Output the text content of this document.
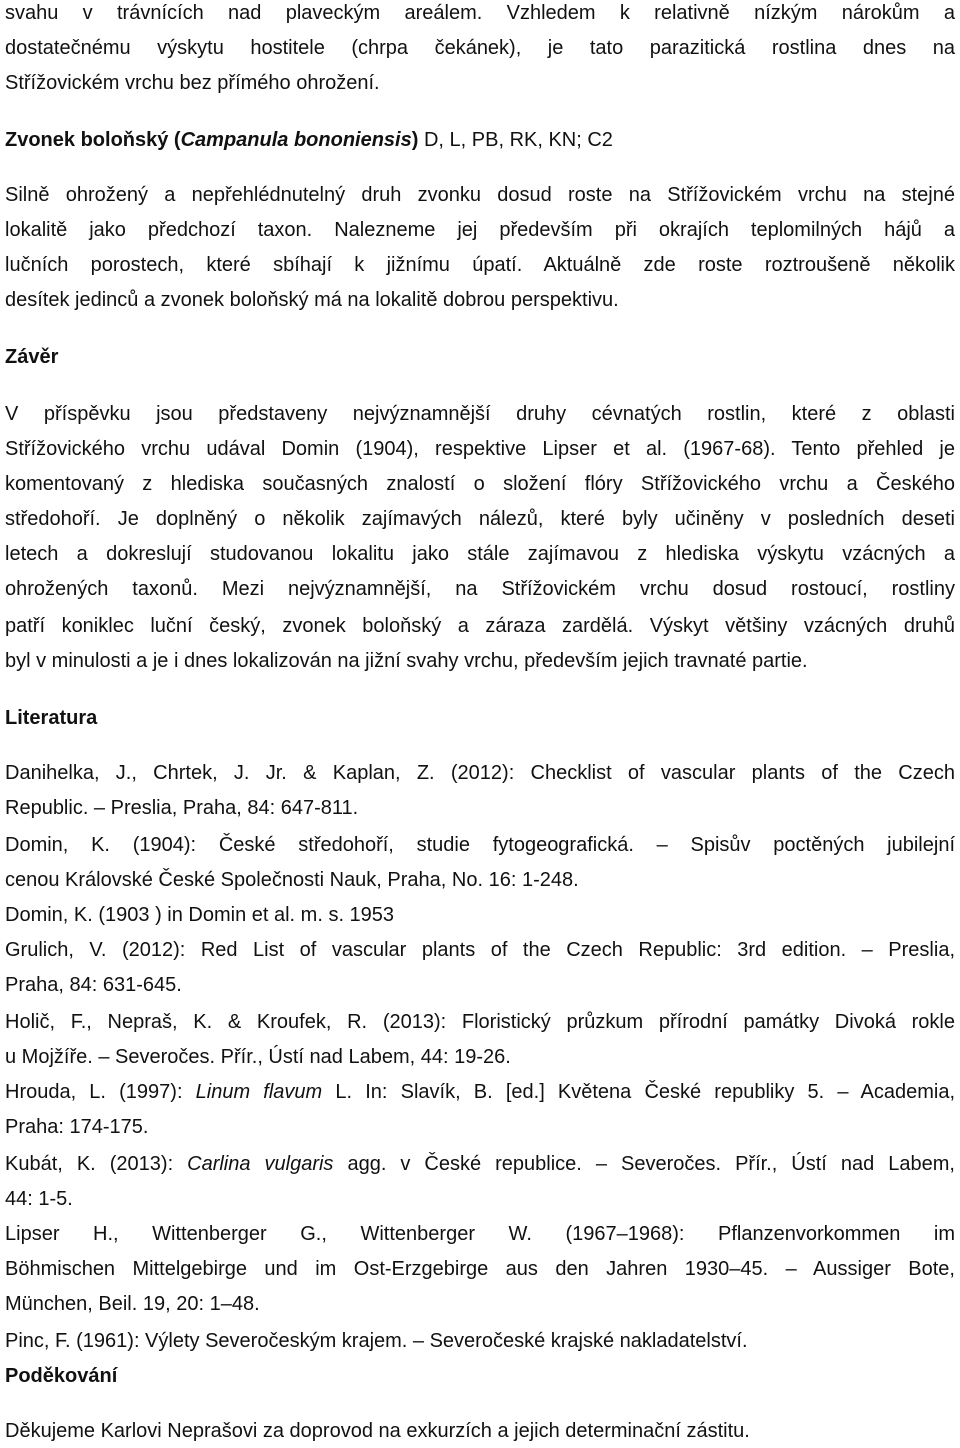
svahu v trávnících nad plaveckým areálem. Vzhledem k relativně nízkým nárokům a
dostatečnému výskytu hostitele (chrpa čekánek), je tato parazitická rostlina dnes na
Střížovickém vrchu bez přímého ohrožení.
Zvonek boloňský (Campanula bononiensis) D, L, PB, RK, KN; C2
Silně ohrožený a nepřehlédnutelný druh zvonku dosud roste na Střížovickém vrchu na stejné
lokalitě jako předchozí taxon. Nalezneme jej především při okrajích teplomilných hájů a
lučních porostech, které sbíhají k jižnímu úpatí. Aktuálně zde roste roztroušeně několik
desítek jedinců a zvonek boloňský má na lokalitě dobrou perspektivu.
Závěr
V příspěvku jsou představeny nejvýznamnější druhy cévnatých rostlin, které z oblasti
Střížovického vrchu udával Domin (1904), respektive Lipser et al. (1967-68). Tento přehled je
komentovaný z hlediska současných znalostí o složení flóry Střížovického vrchu a Českého
středohoří. Je doplněný o několik zajímavých nálezů, které byly učiněny v posledních deseti
letech a dokreslují studovanou lokalitu jako stále zajímavou z hlediska výskytu vzácných a
ohrožených taxonů. Mezi nejvýznamnější, na Střížovickém vrchu dosud rostoucí, rostliny
patří koniklec luční český, zvonek boloňský a záraza zardělá. Výskyt většiny vzácných druhů
byl v minulosti a je i dnes lokalizován na jižní svahy vrchu, především jejich travnaté partie.
Literatura
Danihelka, J., Chrtek, J. Jr. & Kaplan, Z. (2012): Checklist of vascular plants of the Czech
Republic. – Preslia, Praha, 84: 647-811.
Domin, K. (1904): České středohoří, studie fytogeografická. – Spisův poctěných jubilejní
cenou Královské České Společnosti Nauk, Praha, No. 16: 1-248.
Domin, K. (1903 ) in Domin et al. m. s. 1953
Grulich, V. (2012): Red List of vascular plants of the Czech Republic: 3rd edition. – Preslia,
Praha, 84: 631-645.
Holič, F., Nepraš, K. & Kroufek, R. (2013): Floristický průzkum přírodní památky Divoká rokle
u Mojžíře. – Severočes. Přír., Ústí nad Labem, 44: 19-26.
Hrouda, L. (1997): Linum flavum L. In: Slavík, B. [ed.] Květena České republiky 5. – Academia,
Praha: 174-175.
Kubát, K. (2013): Carlina vulgaris agg. v České republice. – Severočes. Přír., Ústí nad Labem,
44: 1-5.
Lipser H., Wittenberger G., Wittenberger W. (1967–1968): Pflanzenvorkommen im
Böhmischen Mittelgebirge und im Ost-Erzgebirge aus den Jahren 1930–45. – Aussiger Bote,
München, Beil. 19, 20: 1–48.
Pinc, F. (1961): Výlety Severočeským krajem. – Severočeské krajské nakladatelství.
Poděkování
Děkujeme Karlovi Neprašovi za doprovod na exkurzích a jejich determinační zástitu.
